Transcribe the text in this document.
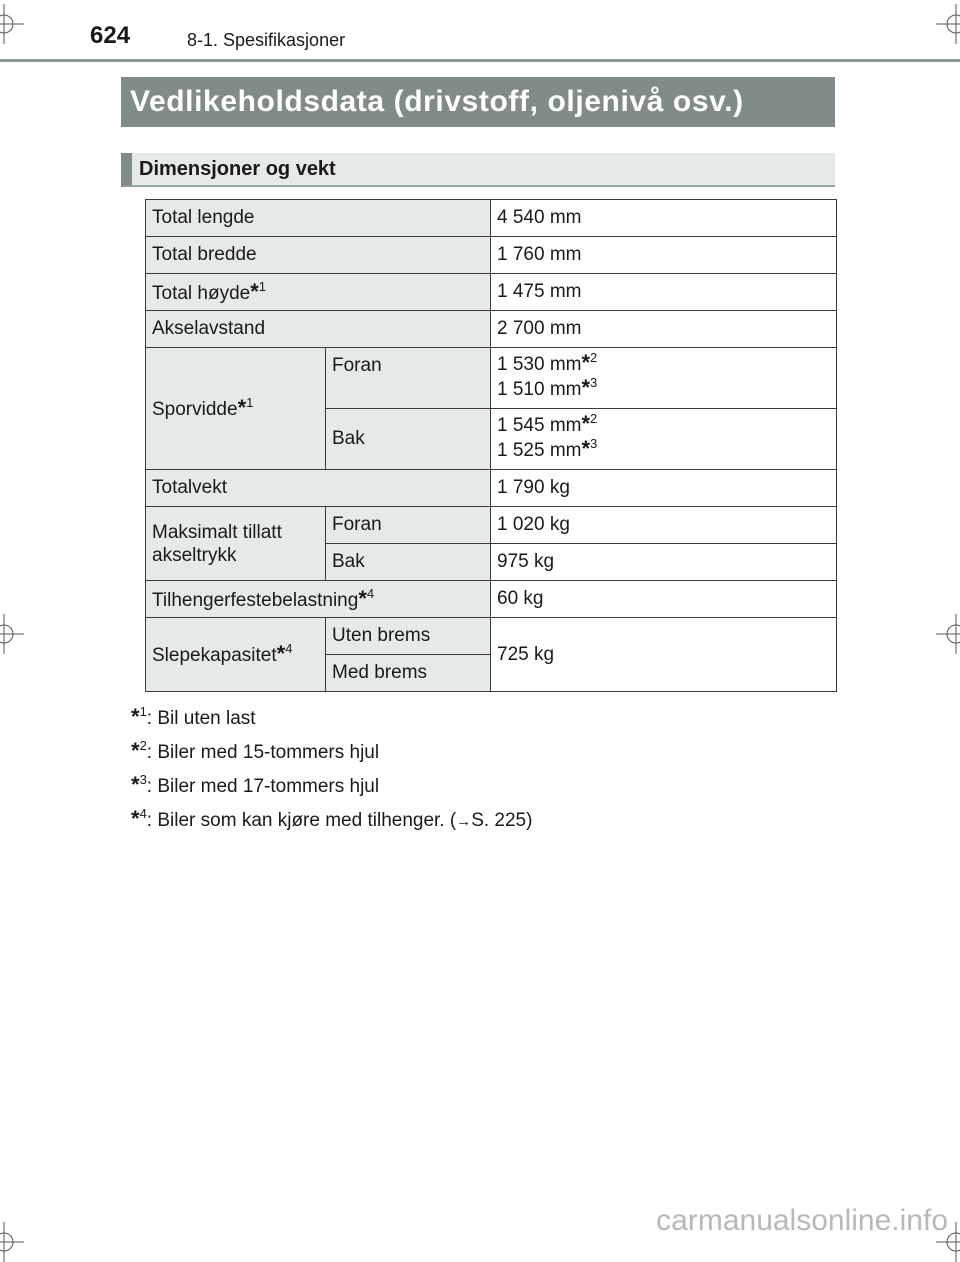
624	8-1. Spesifikasjoner
Vedlikeholdsdata (drivstoff, oljenivå osv.)
Dimensjoner og vekt
Total lengde		4 540 mm
Total bredde		1 760 mm
Total høyde*$^1$		1 475 mm
Akselavstand		2 700 mm
Sporvidde*$^1$	Foran	1 530 mm*$^2$
1 510 mm*$^3$

	Bak	1 545 mm*$^2$
1 525 mm*$^3$

Totalvekt		1 790 kg

Maksimalt tillatt
akseltrykk	Foran	1 020 kg
	Bak	975 kg
Tilhengerfestebelastning*$^4$		60 kg
Slepekapasitet*$^4$	Uten brems	725 kg
	Med brems	
*$^1$: Bil uten last
*$^2$: Biler med 15-tommers hjul
*$^3$: Biler med 17-tommers hjul
*$^4$: Biler som kan kjøre med tilhenger. (→S. 225)
carmanualsonline.info
